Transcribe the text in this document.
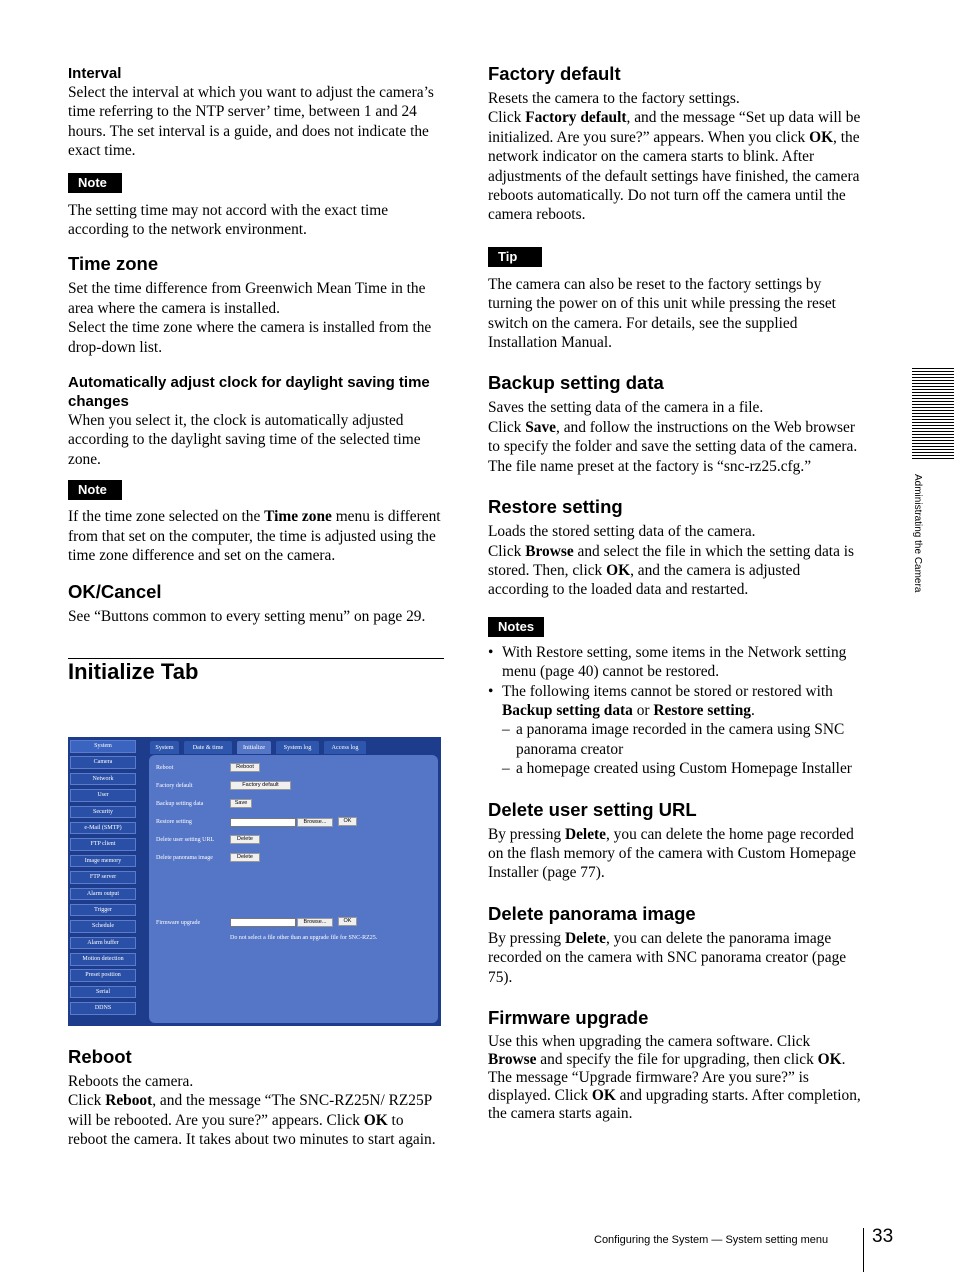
Interval

Select the interval at which you want to adjust the camera’s time referring to the NTP server’ time, between 1 and 24 hours. The set interval is a guide, and does not indicate the exact time.

Note

The setting time may not accord with the exact time according to the network environment.

Time zone

Set the time difference from Greenwich Mean Time in the area where the camera is installed.

Select the time zone where the camera is installed from the drop-down list.

Automatically adjust clock for daylight saving time changes

When you select it, the clock is automatically adjusted according to the daylight saving time of the selected time zone.

Note

If the time zone selected on the Time zone menu is different from that set on the computer, the time is adjusted using the time zone difference and set on the camera.

OK/Cancel

See “Buttons common to every setting menu” on page 29.

Initialize Tab
System
Camera
Network
User
Security
e-Mail (SMTP)
FTP client
Image memory
FTP server
Alarm output
Trigger
Schedule
Alarm buffer
Motion detection
Preset position
Serial
DDNS
System	Date & time	Initialize	System log	Access log
Reboot	Reboot
Factory default	Factory default
Backup setting data	Save
Restore setting	Browse...	OK
Delete user setting URL	Delete
Delete panorama image	Delete
Firmware upgrade	Browse...	OK
Do not select a file other than an upgrade file for SNC-RZ25.
Reboot

Reboots the camera.

Click Reboot, and the message “The SNC-RZ25N/ RZ25P will be rebooted. Are you sure?” appears. Click OK to reboot the camera. It takes about two minutes to start again.

Factory default

Resets the camera to the factory settings.

Click Factory default, and the message “Set up data will be initialized. Are you sure?” appears. When you click OK, the network indicator on the camera starts to blink. After adjustments of the default settings have finished, the camera reboots automatically. Do not turn off the camera until the camera reboots.

Tip

The camera can also be reset to the factory settings by turning the power on of this unit while pressing the reset switch on the camera. For details, see the supplied Installation Manual.

Backup setting data

Saves the setting data of the camera in a file.

Click Save, and follow the instructions on the Web browser to specify the folder and save the setting data of the camera. The file name preset at the factory is “snc-rz25.cfg.”

Restore setting

Loads the stored setting data of the camera.

Click Browse and select the file in which the setting data is stored. Then, click OK, and the camera is adjusted according to the loaded data and restarted.

Notes
• With Restore setting, some items in the Network setting menu (page 40) cannot be restored.
• The following items cannot be stored or restored with Backup setting data or Restore setting.
– a panorama image recorded in the camera using SNC panorama creator
– a homepage created using Custom Homepage Installer
Delete user setting URL

By pressing Delete, you can delete the home page recorded on the flash memory of the camera with Custom Homepage Installer (page 77).

Delete panorama image

By pressing Delete, you can delete the panorama image recorded on the camera with SNC panorama creator (page 75).

Firmware upgrade

Use this when upgrading the camera software. Click Browse and specify the file for upgrading, then click OK. The message “Upgrade firmware? Are you sure?” is displayed. Click OK and upgrading starts. After completion, the camera starts again.

Administrating the Camera
Configuring the System — System setting menu 33
